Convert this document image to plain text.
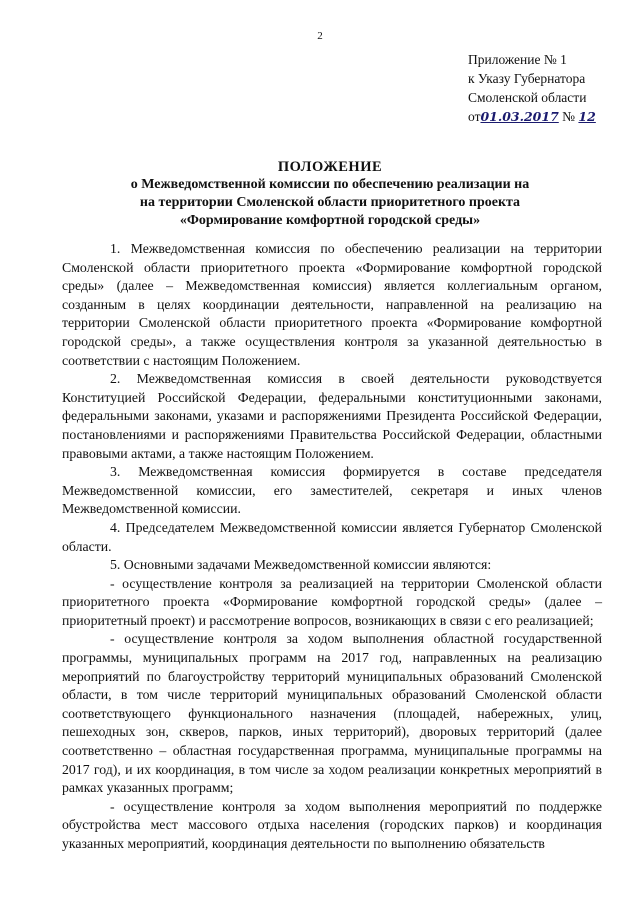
2
Приложение № 1
к Указу Губернатора
Смоленской области
от01.03.2017 № 12
ПОЛОЖЕНИЕ
о Межведомственной комиссии по обеспечению реализации на
на территории Смоленской области приоритетного проекта
«Формирование комфортной городской среды»

1. Межведомственная комиссия по обеспечению реализации на территории Смоленской области приоритетного проекта «Формирование комфортной городской среды» (далее – Межведомственная комиссия) является коллегиальным органом, созданным в целях координации деятельности, направленной на реализацию на территории Смоленской области приоритетного проекта «Формирование комфортной городской среды», а также осуществления контроля за указанной деятельностью в соответствии с настоящим Положением.

2. Межведомственная комиссия в своей деятельности руководствуется Конституцией Российской Федерации, федеральными конституционными законами, федеральными законами, указами и распоряжениями Президента Российской Федерации, постановлениями и распоряжениями Правительства Российской Федерации, областными правовыми актами, а также настоящим Положением.

3. Межведомственная комиссия формируется в составе председателя Межведомственной комиссии, его заместителей, секретаря и иных членов Межведомственной комиссии.

4. Председателем Межведомственной комиссии является Губернатор Смоленской области.

5. Основными задачами Межведомственной комиссии являются:

- осуществление контроля за реализацией на территории Смоленской области приоритетного проекта «Формирование комфортной городской среды» (далее – приоритетный проект) и рассмотрение вопросов, возникающих в связи с его реализацией;

- осуществление контроля за ходом выполнения областной государственной программы, муниципальных программ на 2017 год, направленных на реализацию мероприятий по благоустройству территорий муниципальных образований Смоленской области, в том числе территорий муниципальных образований Смоленской области соответствующего функционального назначения (площадей, набережных, улиц, пешеходных зон, скверов, парков, иных территорий), дворовых территорий (далее соответственно – областная государственная программа, муниципальные программы на 2017 год), и их координация, в том числе за ходом реализации конкретных мероприятий в рамках указанных программ;

- осуществление контроля за ходом выполнения мероприятий по поддержке обустройства мест массового отдыха населения (городских парков) и координация указанных мероприятий, координация деятельности по выполнению обязательств
